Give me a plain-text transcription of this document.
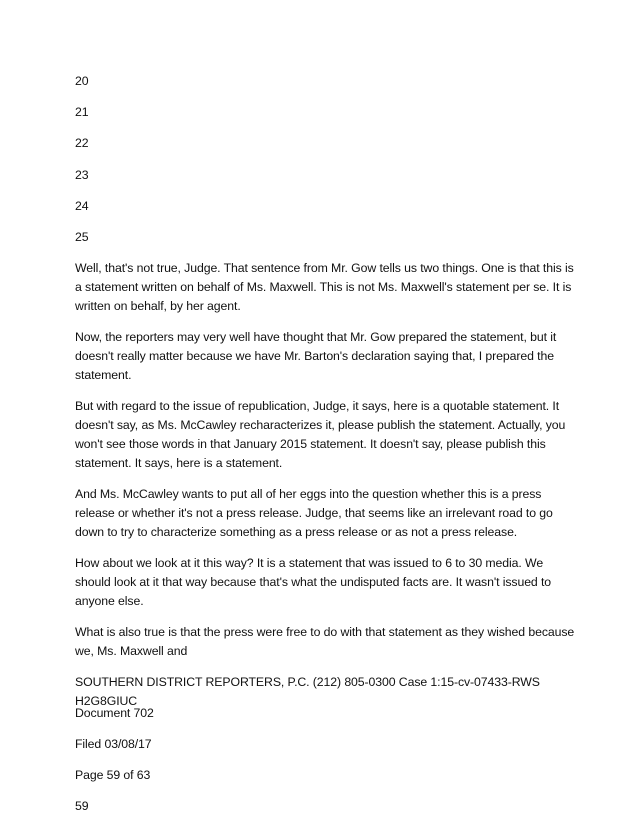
20
21
22
23
24
25

Well, that's not true, Judge. That sentence from Mr. Gow tells us two things. One is that this is a statement written on behalf of Ms. Maxwell. This is not Ms. Maxwell's statement per se. It is written on behalf, by her agent.

Now, the reporters may very well have thought that Mr. Gow prepared the statement, but it doesn't really matter because we have Mr. Barton's declaration saying that, I prepared the statement.

But with regard to the issue of republication, Judge, it says, here is a quotable statement. It doesn't say, as Ms. McCawley recharacterizes it, please publish the statement. Actually, you won't see those words in that January 2015 statement. It doesn't say, please publish this statement. It says, here is a statement.

And Ms. McCawley wants to put all of her eggs into the question whether this is a press release or whether it's not a press release. Judge, that seems like an irrelevant road to go down to try to characterize something as a press release or as not a press release.

How about we look at it this way? It is a statement that was issued to 6 to 30 media. We should look at it that way because that's what the undisputed facts are. It wasn't issued to anyone else.

What is also true is that the press were free to do with that statement as they wished because we, Ms. Maxwell and

SOUTHERN DISTRICT REPORTERS, P.C. (212) 805-0300 Case 1:15-cv-07433-RWS H2G8GIUC
Document 702
Filed 03/08/17
Page 59 of 63
59
